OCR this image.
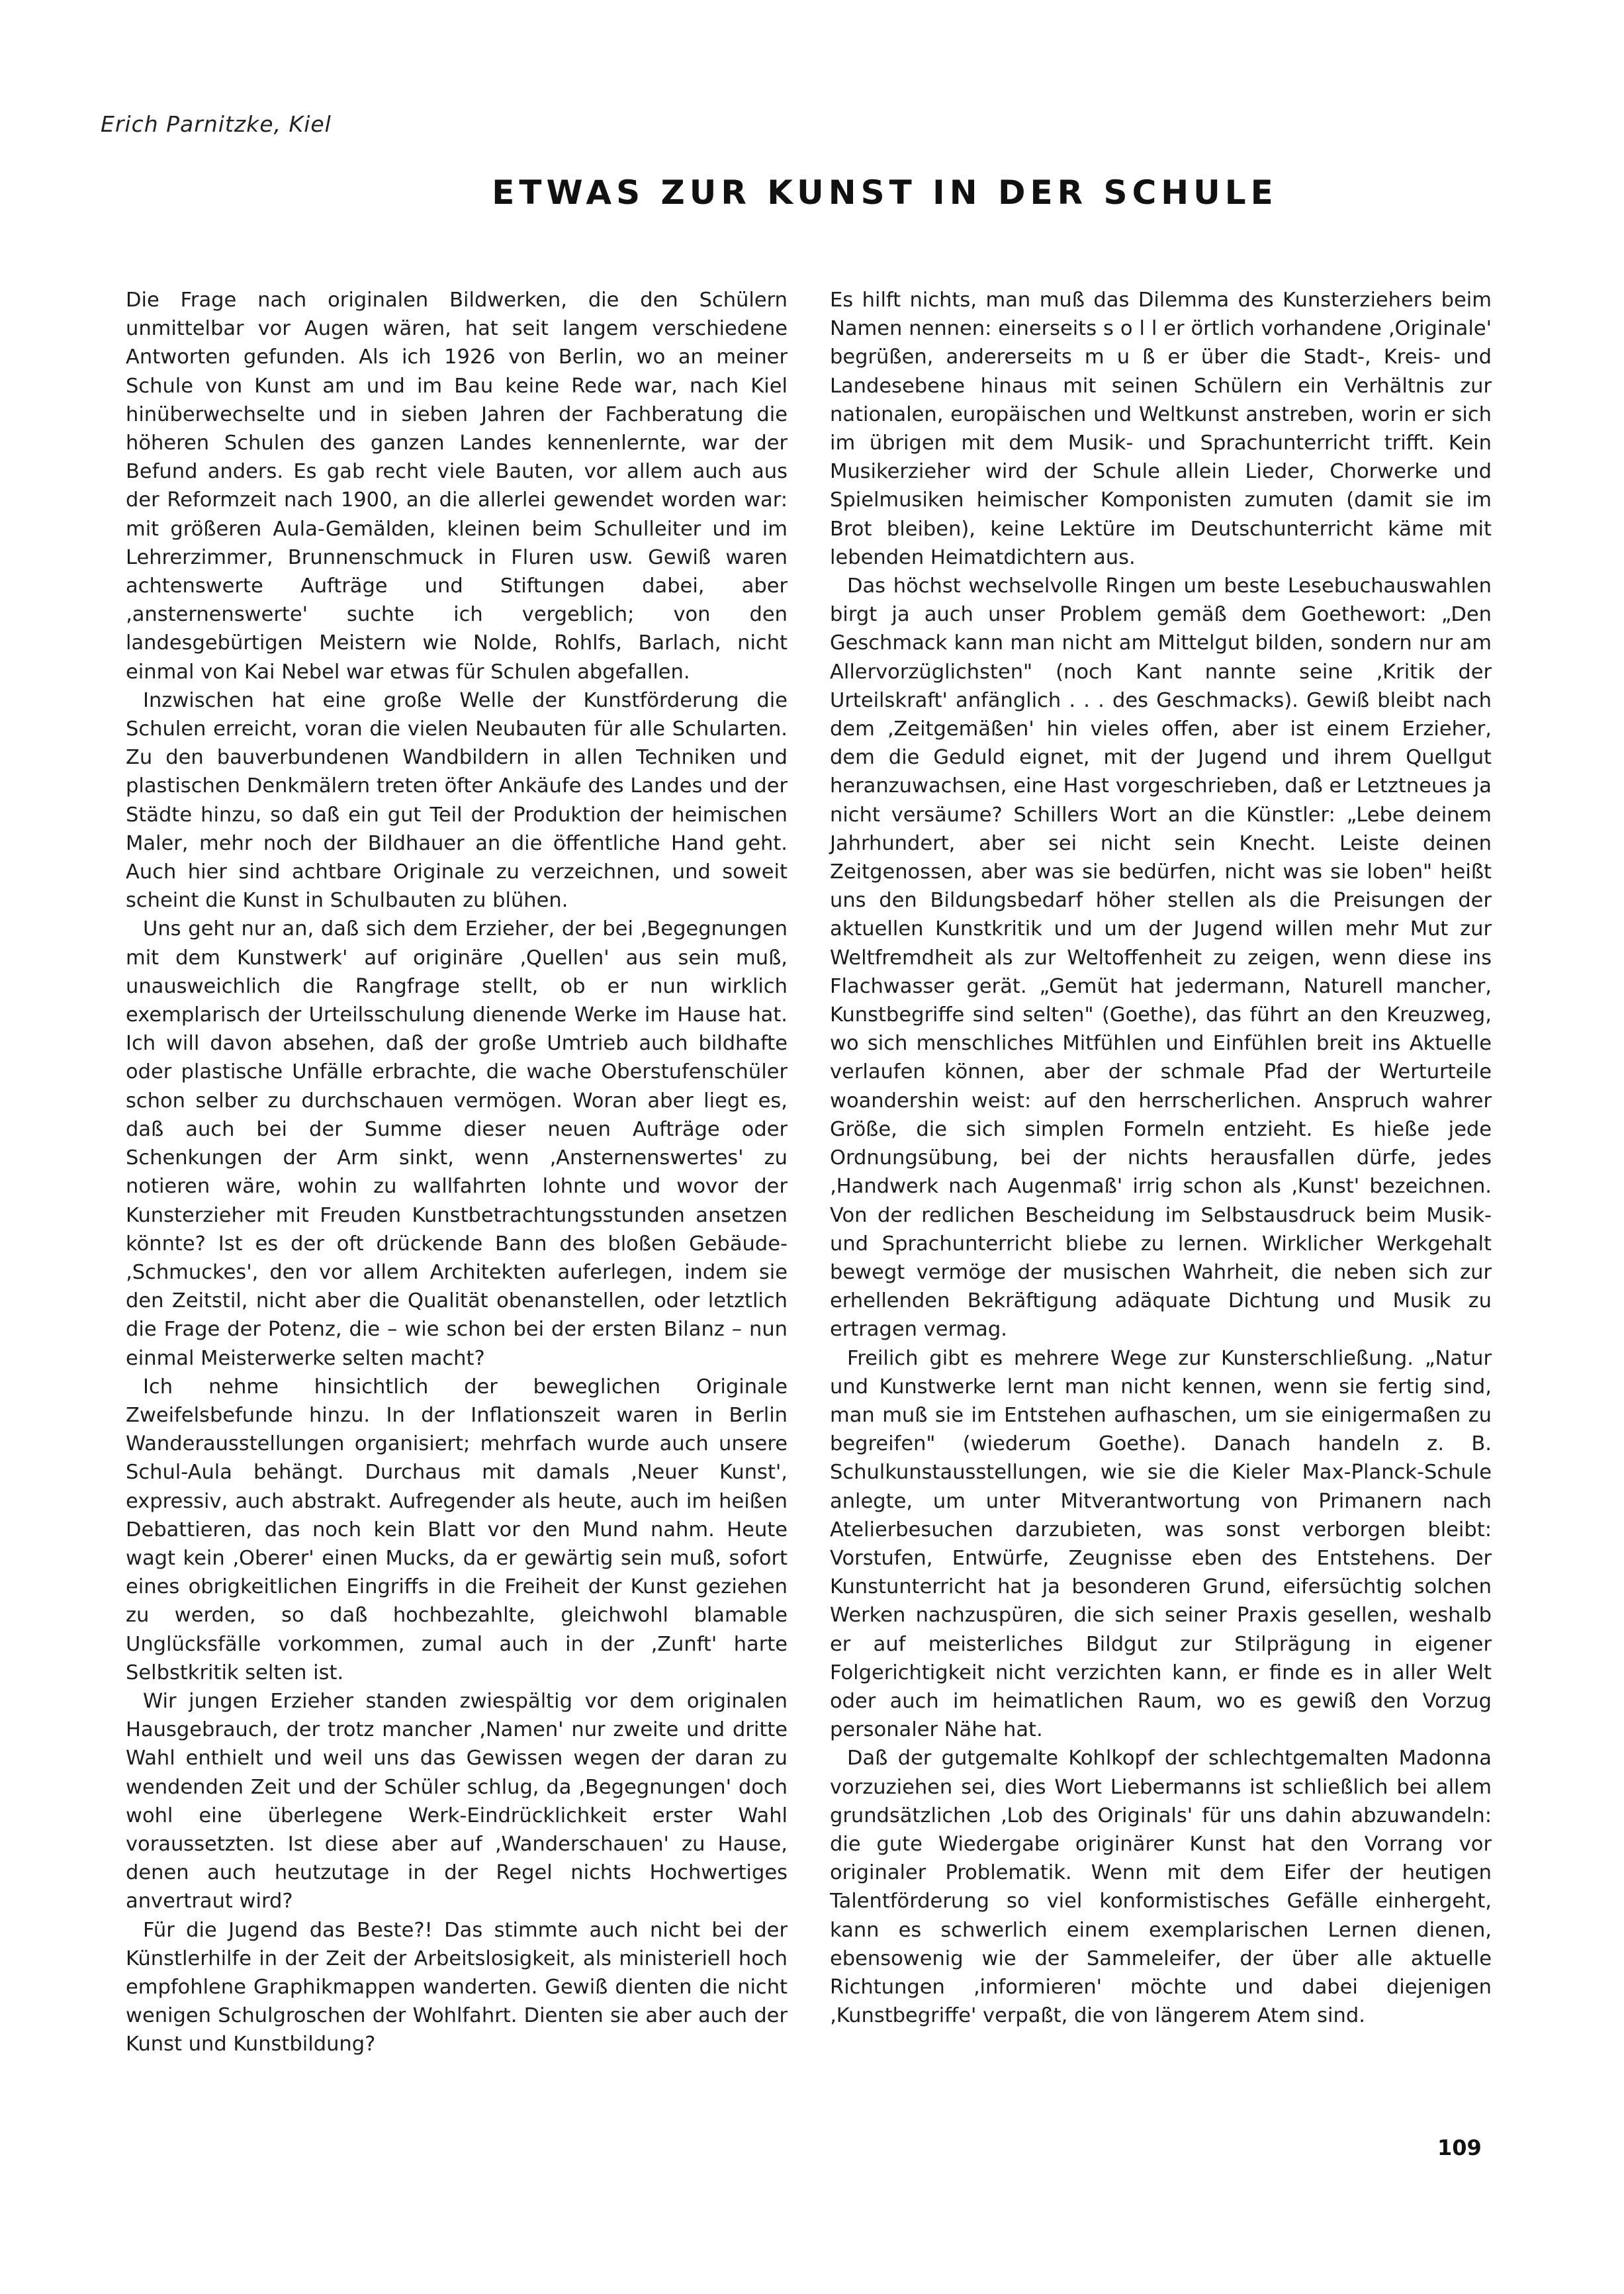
Erich Parnitzke, Kiel
ETWAS ZUR KUNST IN DER SCHULE

Die Frage nach originalen Bildwerken, die den Schülern unmittelbar vor Augen wären, hat seit langem verschiedene Antworten gefunden. Als ich 1926 von Berlin, wo an meiner Schule von Kunst am und im Bau keine Rede war, nach Kiel hinüberwechselte und in sieben Jahren der Fachberatung die höheren Schulen des ganzen Landes kennenlernte, war der Befund anders. Es gab recht viele Bauten, vor allem auch aus der Reformzeit nach 1900, an die allerlei gewendet worden war: mit größeren Aula-Gemälden, kleinen beim Schulleiter und im Lehrerzimmer, Brunnenschmuck in Fluren usw. Gewiß waren achtenswerte Aufträge und Stiftungen dabei, aber ‚ansternenswerte' suchte ich vergeblich; von den landesgebürtigen Meistern wie Nolde, Rohlfs, Barlach, nicht einmal von Kai Nebel war etwas für Schulen abgefallen.

Inzwischen hat eine große Welle der Kunstförderung die Schulen erreicht, voran die vielen Neubauten für alle Schularten. Zu den bauverbundenen Wandbildern in allen Techniken und plastischen Denkmälern treten öfter Ankäufe des Landes und der Städte hinzu, so daß ein gut Teil der Produktion der heimischen Maler, mehr noch der Bildhauer an die öffentliche Hand geht. Auch hier sind achtbare Originale zu verzeichnen, und soweit scheint die Kunst in Schulbauten zu blühen.

Uns geht nur an, daß sich dem Erzieher, der bei ‚Begegnungen mit dem Kunstwerk' auf originäre ‚Quellen' aus sein muß, unausweichlich die Rangfrage stellt, ob er nun wirklich exemplarisch der Urteilsschulung dienende Werke im Hause hat. Ich will davon absehen, daß der große Umtrieb auch bildhafte oder plastische Unfälle erbrachte, die wache Oberstufenschüler schon selber zu durchschauen vermögen. Woran aber liegt es, daß auch bei der Summe dieser neuen Aufträge oder Schenkungen der Arm sinkt, wenn ‚Ansternenswertes' zu notieren wäre, wohin zu wallfahrten lohnte und wovor der Kunsterzieher mit Freuden Kunstbetrachtungsstunden ansetzen könnte? Ist es der oft drückende Bann des bloßen Gebäude-‚Schmuckes', den vor allem Architekten auferlegen, indem sie den Zeitstil, nicht aber die Qualität obenanstellen, oder letztlich die Frage der Potenz, die – wie schon bei der ersten Bilanz – nun einmal Meisterwerke selten macht?

Ich nehme hinsichtlich der beweglichen Originale Zweifelsbefunde hinzu. In der Inflationszeit waren in Berlin Wanderausstellungen organisiert; mehrfach wurde auch unsere Schul-Aula behängt. Durchaus mit damals ‚Neuer Kunst', expressiv, auch abstrakt. Aufregender als heute, auch im heißen Debattieren, das noch kein Blatt vor den Mund nahm. Heute wagt kein ‚Oberer' einen Mucks, da er gewärtig sein muß, sofort eines obrigkeitlichen Eingriffs in die Freiheit der Kunst geziehen zu werden, so daß hochbezahlte, gleichwohl blamable Unglücksfälle vorkommen, zumal auch in der ‚Zunft' harte Selbstkritik selten ist.

Wir jungen Erzieher standen zwiespältig vor dem originalen Hausgebrauch, der trotz mancher ‚Namen' nur zweite und dritte Wahl enthielt und weil uns das Gewissen wegen der daran zu wendenden Zeit und der Schüler schlug, da ‚Begegnungen' doch wohl eine überlegene Werk-Eindrücklichkeit erster Wahl voraussetzten. Ist diese aber auf ‚Wanderschauen' zu Hause, denen auch heutzutage in der Regel nichts Hochwertiges anvertraut wird?

Für die Jugend das Beste?! Das stimmte auch nicht bei der Künstlerhilfe in der Zeit der Arbeitslosigkeit, als ministeriell hoch empfohlene Graphikmappen wanderten. Gewiß dienten die nicht wenigen Schulgroschen der Wohlfahrt. Dienten sie aber auch der Kunst und Kunstbildung?

Es hilft nichts, man muß das Dilemma des Kunsterziehers beim Namen nennen: einerseits s o l l er örtlich vorhandene ‚Originale' begrüßen, andererseits m u ß er über die Stadt-, Kreis- und Landesebene hinaus mit seinen Schülern ein Verhältnis zur nationalen, europäischen und Weltkunst anstreben, worin er sich im übrigen mit dem Musik- und Sprachunterricht trifft. Kein Musikerzieher wird der Schule allein Lieder, Chorwerke und Spielmusiken heimischer Komponisten zumuten (damit sie im Brot bleiben), keine Lektüre im Deutschunterricht käme mit lebenden Heimatdichtern aus.

Das höchst wechselvolle Ringen um beste Lesebuchauswahlen birgt ja auch unser Problem gemäß dem Goethewort: „Den Geschmack kann man nicht am Mittelgut bilden, sondern nur am Allervorzüglichsten" (noch Kant nannte seine ‚Kritik der Urteilskraft' anfänglich . . . des Geschmacks). Gewiß bleibt nach dem ‚Zeitgemäßen' hin vieles offen, aber ist einem Erzieher, dem die Geduld eignet, mit der Jugend und ihrem Quellgut heranzuwachsen, eine Hast vorgeschrieben, daß er Letztneues ja nicht versäume? Schillers Wort an die Künstler: „Lebe deinem Jahrhundert, aber sei nicht sein Knecht. Leiste deinen Zeitgenossen, aber was sie bedürfen, nicht was sie loben" heißt uns den Bildungsbedarf höher stellen als die Preisungen der aktuellen Kunstkritik und um der Jugend willen mehr Mut zur Weltfremdheit als zur Weltoffenheit zu zeigen, wenn diese ins Flachwasser gerät. „Gemüt hat jedermann, Naturell mancher, Kunstbegriffe sind selten" (Goethe), das führt an den Kreuzweg, wo sich menschliches Mitfühlen und Einfühlen breit ins Aktuelle verlaufen können, aber der schmale Pfad der Werturteile woandershin weist: auf den herrscherlichen. Anspruch wahrer Größe, die sich simplen Formeln entzieht. Es hieße jede Ordnungsübung, bei der nichts herausfallen dürfe, jedes ‚Handwerk nach Augenmaß' irrig schon als ‚Kunst' bezeichnen. Von der redlichen Bescheidung im Selbstausdruck beim Musik- und Sprachunterricht bliebe zu lernen. Wirklicher Werkgehalt bewegt vermöge der musischen Wahrheit, die neben sich zur erhellenden Bekräftigung adäquate Dichtung und Musik zu ertragen vermag.

Freilich gibt es mehrere Wege zur Kunsterschließung. „Natur und Kunstwerke lernt man nicht kennen, wenn sie fertig sind, man muß sie im Entstehen aufhaschen, um sie einigermaßen zu begreifen" (wiederum Goethe). Danach handeln z. B. Schulkunstausstellungen, wie sie die Kieler Max-Planck-Schule anlegte, um unter Mitverantwortung von Primanern nach Atelierbesuchen darzubieten, was sonst verborgen bleibt: Vorstufen, Entwürfe, Zeugnisse eben des Entstehens. Der Kunstunterricht hat ja besonderen Grund, eifersüchtig solchen Werken nachzuspüren, die sich seiner Praxis gesellen, weshalb er auf meisterliches Bildgut zur Stilprägung in eigener Folgerichtigkeit nicht verzichten kann, er finde es in aller Welt oder auch im heimatlichen Raum, wo es gewiß den Vorzug personaler Nähe hat.

Daß der gutgemalte Kohlkopf der schlechtgemalten Madonna vorzuziehen sei, dies Wort Liebermanns ist schließlich bei allem grundsätzlichen ‚Lob des Originals' für uns dahin abzuwandeln: die gute Wiedergabe originärer Kunst hat den Vorrang vor originaler Problematik. Wenn mit dem Eifer der heutigen Talentförderung so viel konformistisches Gefälle einhergeht, kann es schwerlich einem exemplarischen Lernen dienen, ebensowenig wie der Sammeleifer, der über alle aktuelle Richtungen ‚informieren' möchte und dabei diejenigen ‚Kunstbegriffe' verpaßt, die von längerem Atem sind.

109
